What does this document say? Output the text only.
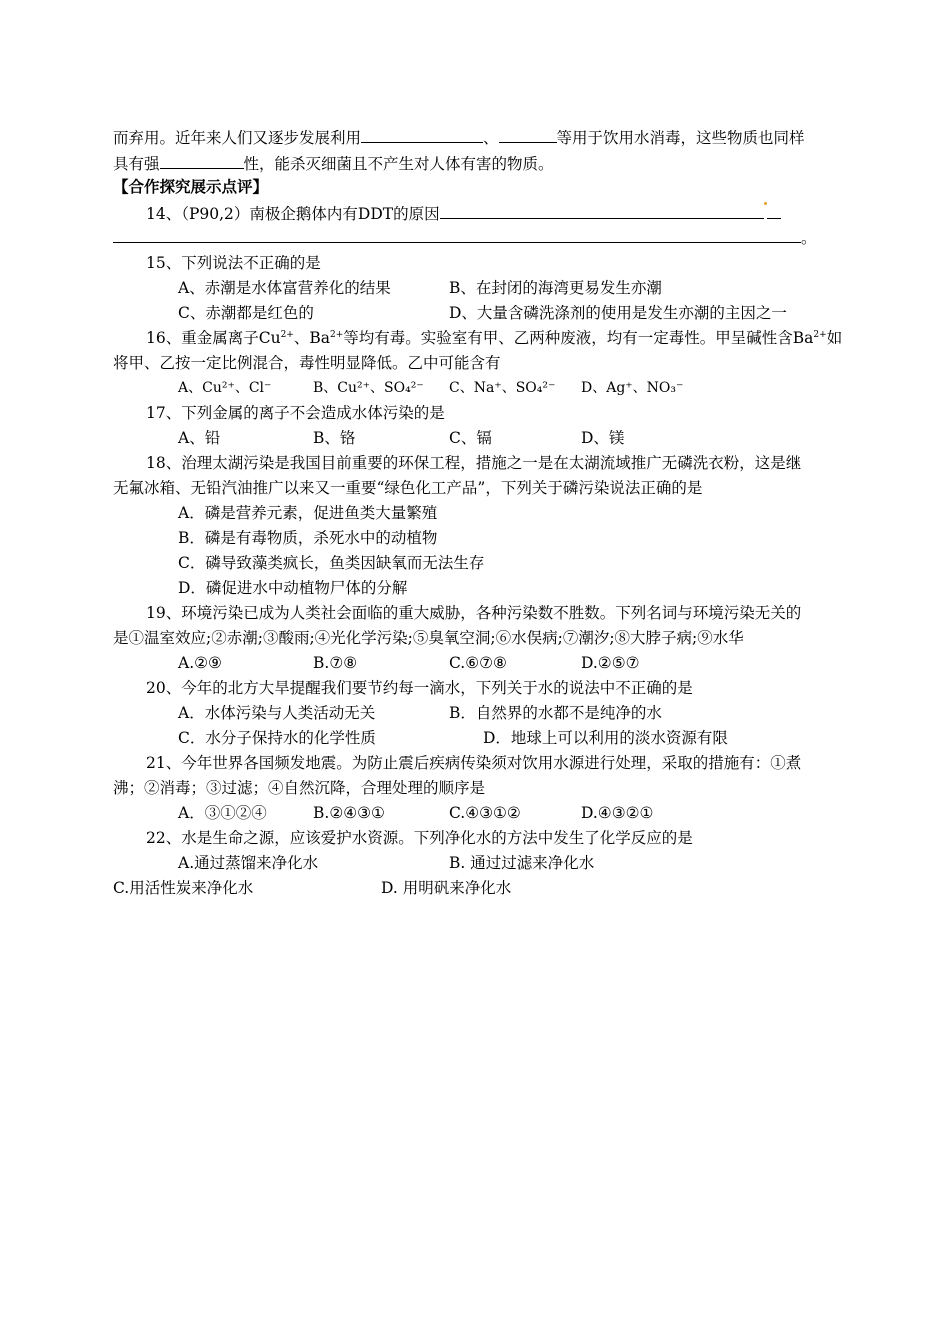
而弃用。近年来人们又逐步发展利用	、	等用于饮用水消毒，这些物质也同样
具有强	性，能杀灭细菌且不产生对人体有害的物质。
【合作探究展示点评】
14、（P90,2）南极企鹅体内有DDT的原因
。
15、下列说法不正确的是
A、赤潮是水体富营养化的结果	B、在封闭的海湾更易发生亦潮
C、赤潮都是红色的	D、大量含磷洗涤剂的使用是发生亦潮的主因之一
16、重金属离子$Cu^{2+}$、$Ba^{2+}$等均有毒。实验室有甲、乙两种废液，均有一定毒性。甲呈碱性含$Ba^{2+}$如
将甲、乙按一定比例混合，毒性明显降低。乙中可能含有
A、Cu²⁺、Cl⁻	B、Cu²⁺、SO₄²⁻ C、Na⁺、SO₄²⁻ D、Ag⁺、NO₃⁻
17、下列金属的离子不会造成水体污染的是
A、铅	B、铬	C、镉	D、镁
18、治理太湖污染是我国目前重要的环保工程，措施之一是在太湖流域推广无磷洗衣粉，这是继
无氟冰箱、无铅汽油推广以来又一重要“绿色化工产品”，下列关于磷污染说法正确的是
A．磷是营养元素，促进鱼类大量繁殖
B．磷是有毒物质，杀死水中的动植物
C．磷导致藻类疯长，鱼类因缺氧而无法生存
D．磷促进水中动植物尸体的分解
19、环境污染已成为人类社会面临的重大威胁，各种污染数不胜数。下列名词与环境污染无关的
是①温室效应;②赤潮;③酸雨;④光化学污染;⑤臭氧空洞;⑥水俣病;⑦潮汐;⑧大脖子病;⑨水华
A.②⑨	B.⑦⑧	C.⑥⑦⑧	D.②⑤⑦
20、今年的北方大旱提醒我们要节约每一滴水，下列关于水的说法中不正确的是
A．水体污染与人类活动无关	B．自然界的水都不是纯净的水
C．水分子保持水的化学性质	D．地球上可以利用的淡水资源有限
21、今年世界各国频发地震。为防止震后疾病传染须对饮用水源进行处理，采取的措施有：①煮
沸；②消毒；③过滤；④自然沉降，合理处理的顺序是
A．③①②④	B.②④③①	C.④③①②	D.④③②①
22、水是生命之源，应该爱护水资源。下列净化水的方法中发生了化学反应的是
A.通过蒸馏来净化水	B. 通过过滤来净化水
C.用活性炭来净化水	D. 用明矾来净化水
